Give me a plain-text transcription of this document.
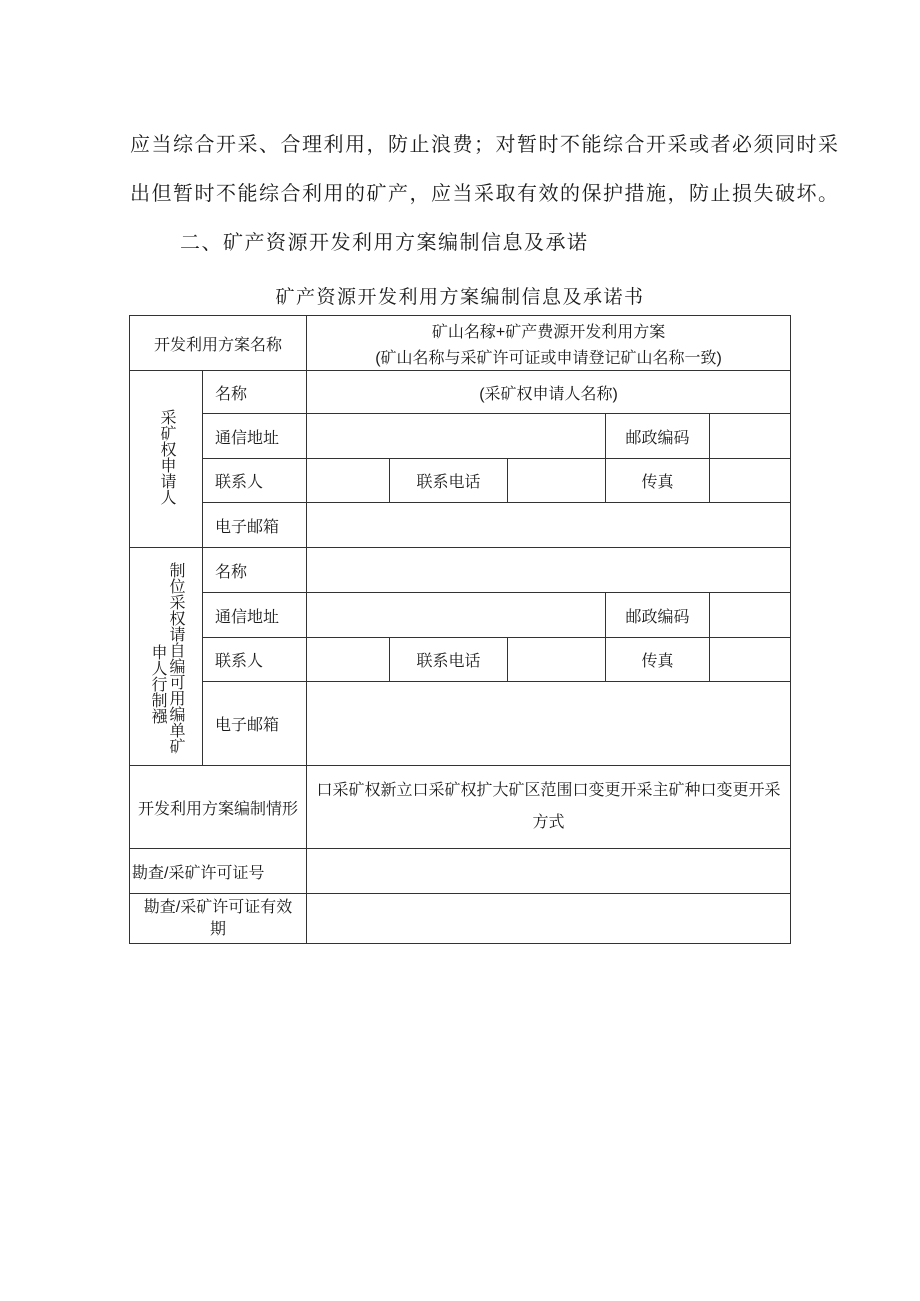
应当综合开采、合理利用，防止浪费；对暂时不能综合开采或者必须同时采
出但暂时不能综合利用的矿产，应当采取有效的保护措施，防止损失破坏。
二、矿产资源开发利用方案编制信息及承诺
矿产资源开发利用方案编制信息及承诺书
开发利用方案名称		矿山名稼+矿产费源开发利用方案
(矿山名称与采矿许可证或申请登记矿山名称一致)				

采矿权申请人	名称	(采矿权申请人名称)				
	通信地址				邮政编码	
	联系人		联系电话		传真	
	电子邮箱					

制位采权请自编可用编单矿
申人行制襁	名称					
	通信地址				邮政编码	
	联系人		联系电话		传真	
	电子邮箱					
开发利用方案编制情形		口采矿权新立口采矿权扩大矿区范围口变更开采主矿种口变更开采方式				
勘查/采矿许可证号						
勘查/采矿许可证有效期						
